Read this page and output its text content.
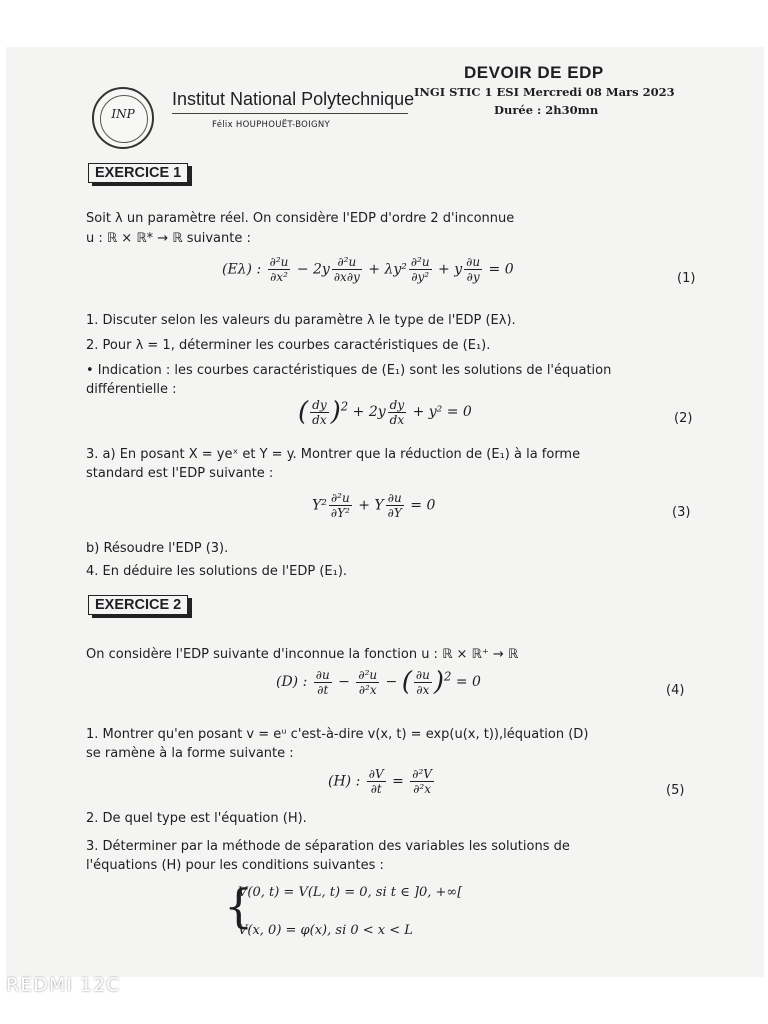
INP
Institut National Polytechnique
Félix HOUPHOUËT-BOIGNY
DEVOIR DE EDP
INGI STIC 1 ESI Mercredi 08 Mars 2023
Durée : 2h30mn
EXERCICE 1
Soit λ un paramètre réel. On considère l'EDP d'ordre 2 d'inconnue
u : ℝ × ℝ* → ℝ suivante :
(Eλ) : $\frac{\text{∂²u}}{\text{∂x²}} - 2y \frac{\text{∂²u}}{\partial x\partial y} + \lambda y^2 \frac{\text{∂²u}}{\text{∂y²}} + y \frac{\partial u}{\partial y} = 0$
(1)
1. Discuter selon les valeurs du paramètre λ le type de l'EDP (Eλ).
2. Pour λ = 1, déterminer les courbes caractéristiques de (E₁).
• Indication : les courbes caractéristiques de (E₁) sont les solutions de l'équation
différentielle :
( $\frac{dy}{dx} )^2 + 2y \frac{dy}{dx} + y^2 = 0$	(2)
3. a) En posant X = yeˣ et Y = y. Montrer que la réduction de (E₁) à la forme
standard est l'EDP suivante :
$Y^2 \frac{\text{∂²u}}{\text{∂Y²}} + Y \frac{\partial u}{\partial Y} = 0$	(3)
b) Résoudre l'EDP (3).
4. En déduire les solutions de l'EDP (E₁).
EXERCICE 2
On considère l'EDP suivante d'inconnue la fonction u : ℝ × ℝ⁺ → ℝ
(D) : $\frac{\partial u}{\partial t} - \frac{\text{∂²u}}{\text{∂²x}}$ − ( $\frac{\partial u}{\partial x} )^2 = 0$
(4)
1. Montrer qu'en posant v = eᵘ c'est-à-dire v(x, t) = exp(u(x, t)),léquation (D)
se ramène à la forme suivante :
(H) : $\frac{\partial V}{\partial t} = \frac{\text{∂²V}}{\text{∂²x}}$	(5)
2. De quel type est l'équation (H).
3. Déterminer par la méthode de séparation des variables les solutions de
l'équations (H) pour les conditions suivantes :
{
V(0, t) = V(L, t) = 0, si t ∈ ]0, +∞[
V(x, 0) = φ(x), si 0 < x < L
REDMI 12C
